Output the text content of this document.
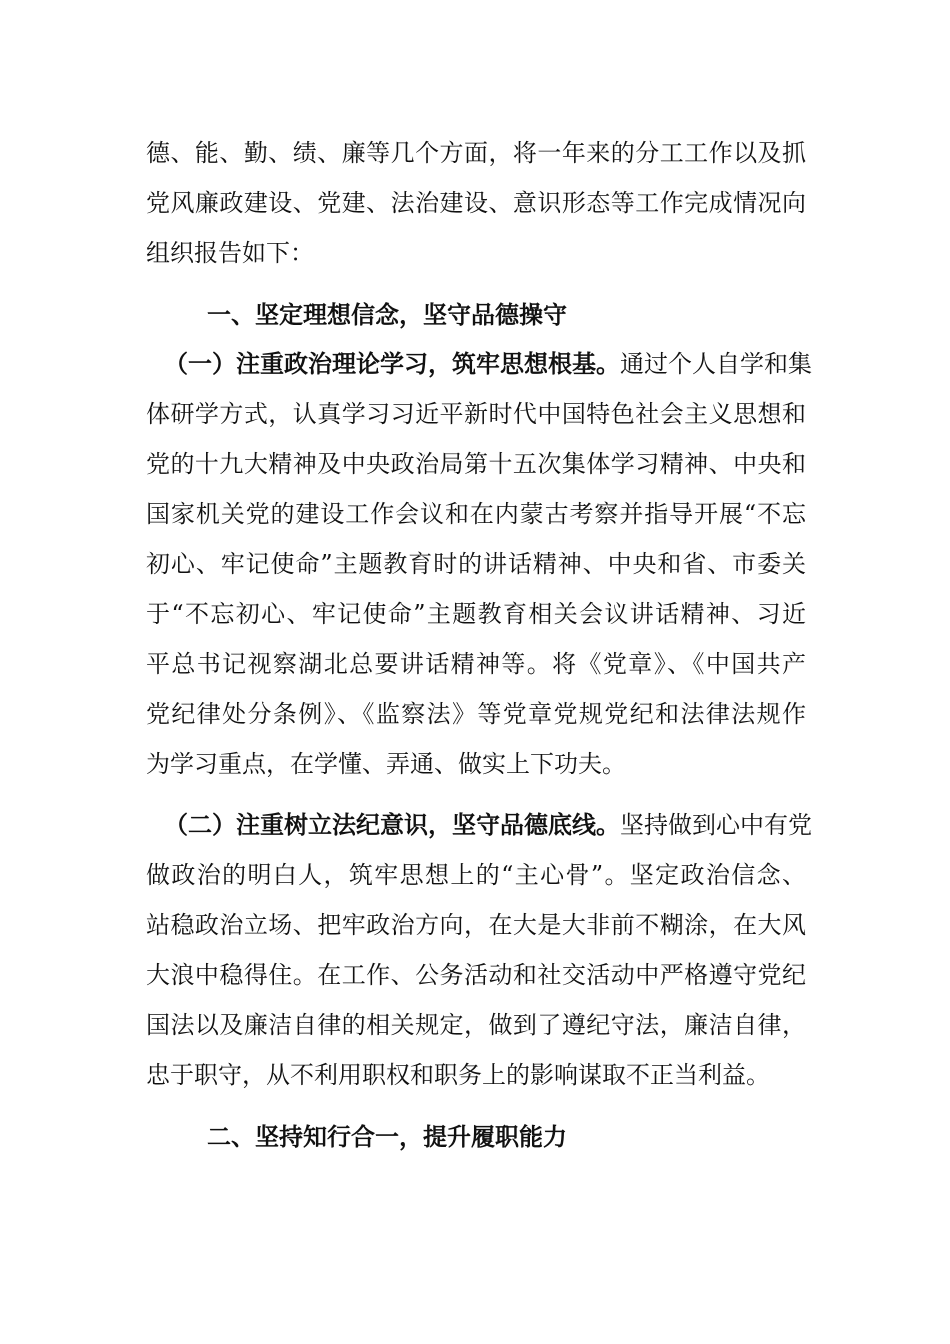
德、能、勤、绩、廉等几个方面，将一年来的分工工作以及抓
党风廉政建设、党建、法治建设、意识形态等工作完成情况向
组织报告如下：
一、坚定理想信念，坚守品德操守
（一）注重政治理论学习，筑牢思想根基。通过个人自学和集
体研学方式，认真学习习近平新时代中国特色社会主义思想和
党的十九大精神及中央政治局第十五次集体学习精神、中央和
国家机关党的建设工作会议和在内蒙古考察并指导开展“不忘
初心、牢记使命”主题教育时的讲话精神、中央和省、市委关
于“不忘初心、牢记使命”主题教育相关会议讲话精神、习近
平总书记视察湖北总要讲话精神等。将《党章》、《中国共产
党纪律处分条例》、《监察法》等党章党规党纪和法律法规作
为学习重点，在学懂、弄通、做实上下功夫。
（二）注重树立法纪意识，坚守品德底线。坚持做到心中有党
做政治的明白人，筑牢思想上的“主心骨”。坚定政治信念、
站稳政治立场、把牢政治方向，在大是大非前不糊涂，在大风
大浪中稳得住。在工作、公务活动和社交活动中严格遵守党纪
国法以及廉洁自律的相关规定，做到了遵纪守法，廉洁自律，
忠于职守，从不利用职权和职务上的影响谋取不正当利益。
二、坚持知行合一，提升履职能力
